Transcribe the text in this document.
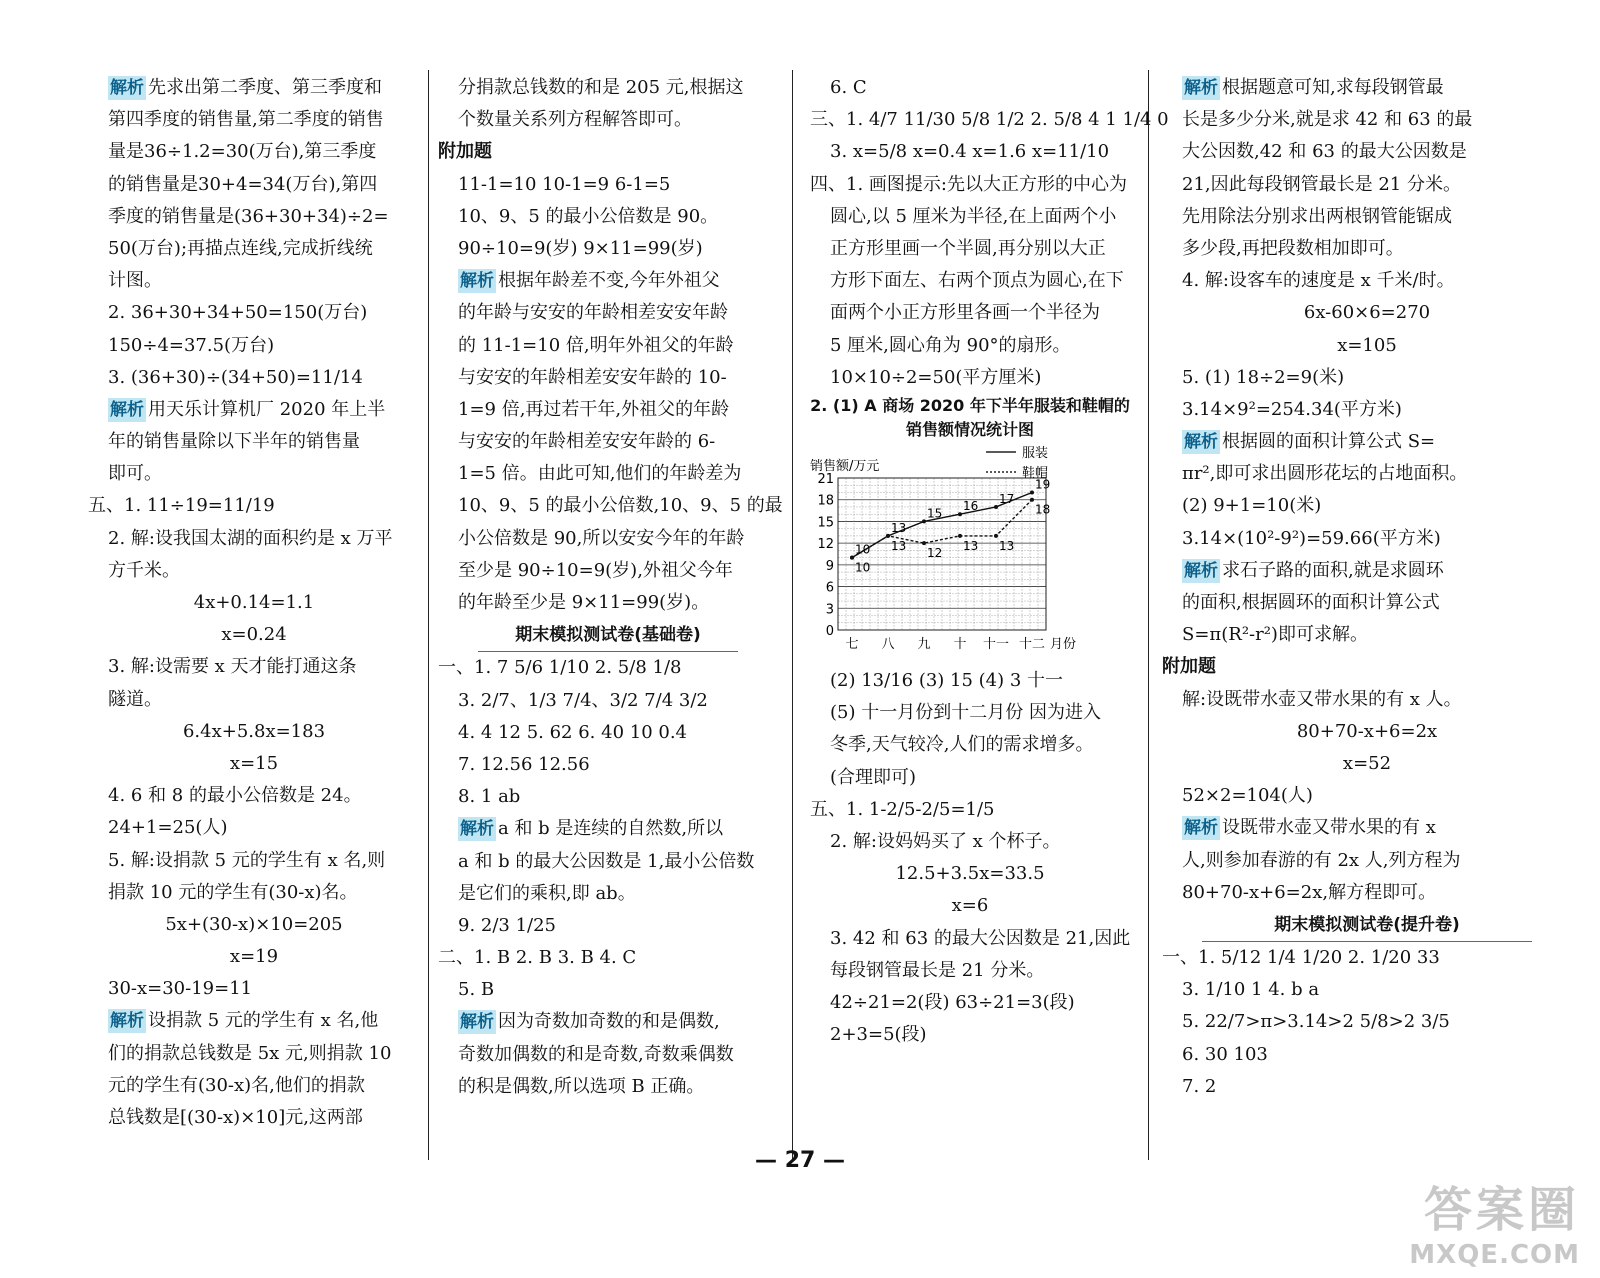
解析 先求出第二季度、第三季度和
第四季度的销售量,第二季度的销售
量是36÷1.2=30(万台),第三季度
的销售量是30+4=34(万台),第四
季度的销售量是(36+30+34)÷2=
50(万台);再描点连线,完成折线统
计图。
2. 36+30+34+50=150(万台)
150÷4=37.5(万台)
3. (36+30)÷(34+50)=11/14
解析 用天乐计算机厂 2020 年上半
年的销售量除以下半年的销售量
即可。
五、1. 11÷19=11/19
2. 解:设我国太湖的面积约是 x 万平
方千米。
4x+0.14=1.1
x=0.24
3. 解:设需要 x 天才能打通这条
隧道。
6.4x+5.8x=183
x=15
4. 6 和 8 的最小公倍数是 24。
24+1=25(人)
5. 解:设捐款 5 元的学生有 x 名,则
捐款 10 元的学生有(30-x)名。
5x+(30-x)×10=205
x=19
30-x=30-19=11
解析 设捐款 5 元的学生有 x 名,他
们的捐款总钱数是 5x 元,则捐款 10
元的学生有(30-x)名,他们的捐款
总钱数是[(30-x)×10]元,这两部
分捐款总钱数的和是 205 元,根据这
个数量关系列方程解答即可。
附加题
11-1=10 10-1=9 6-1=5
10、9、5 的最小公倍数是 90。
90÷10=9(岁) 9×11=99(岁)
解析 根据年龄差不变,今年外祖父
的年龄与安安的年龄相差安安年龄
的 11-1=10 倍,明年外祖父的年龄
与安安的年龄相差安安年龄的 10-
1=9 倍,再过若干年,外祖父的年龄
与安安的年龄相差安安年龄的 6-
1=5 倍。由此可知,他们的年龄差为
10、9、5 的最小公倍数,10、9、5 的最
小公倍数是 90,所以安安今年的年龄
至少是 90÷10=9(岁),外祖父今年
的年龄至少是 9×11=99(岁)。
期末模拟测试卷(基础卷)
一、1. 7 5/6 1/10 2. 5/8 1/8
3. 2/7、1/3 7/4、3/2 7/4 3/2
4. 4 12 5. 62 6. 40 10 0.4
7. 12.56 12.56
8. 1 ab
解析 a 和 b 是连续的自然数,所以
a 和 b 的最大公因数是 1,最小公倍数
是它们的乘积,即 ab。
9. 2/3 1/25
二、1. B 2. B 3. B 4. C
5. B
解析 因为奇数加奇数的和是偶数,
奇数加偶数的和是奇数,奇数乘偶数
的积是偶数,所以选项 B 正确。
6. C
三、1. 4/7 11/30 5/8 1/2 2. 5/8 4 1 1/4 0
3. x=5/8 x=0.4 x=1.6 x=11/10
四、1. 画图提示:先以大正方形的中心为
圆心,以 5 厘米为半径,在上面两个小
正方形里画一个半圆,再分别以大正
方形下面左、右两个顶点为圆心,在下
面两个小正方形里各画一个半径为
5 厘米,圆心角为 90°的扇形。
10×10÷2=50(平方厘米)
2. (1) A 商场 2020 年下半年服装和鞋帽的
销售额情况统计图
0
3
6
9
12
15
18
21
七 八 九 十 十一 十二 月份
销售额/万元
服装
鞋帽
10
13
15
16
17
19
10
13
12
13 13
18
(2) 13/16 (3) 15 (4) 3 十一
(5) 十一月份到十二月份 因为进入
冬季,天气较冷,人们的需求增多。
(合理即可)
五、1. 1-2/5-2/5=1/5
2. 解:设妈妈买了 x 个杯子。
12.5+3.5x=33.5
x=6
3. 42 和 63 的最大公因数是 21,因此
每段钢管最长是 21 分米。
42÷21=2(段) 63÷21=3(段)
2+3=5(段)
解析 根据题意可知,求每段钢管最
长是多少分米,就是求 42 和 63 的最
大公因数,42 和 63 的最大公因数是
21,因此每段钢管最长是 21 分米。
先用除法分别求出两根钢管能锯成
多少段,再把段数相加即可。
4. 解:设客车的速度是 x 千米/时。
6x-60×6=270
x=105
5. (1) 18÷2=9(米)
3.14×9²=254.34(平方米)
解析 根据圆的面积计算公式 S=
πr²,即可求出圆形花坛的占地面积。
(2) 9+1=10(米)
3.14×(10²-9²)=59.66(平方米)
解析 求石子路的面积,就是求圆环
的面积,根据圆环的面积计算公式
S=π(R²-r²)即可求解。
附加题
解:设既带水壶又带水果的有 x 人。
80+70-x+6=2x
x=52
52×2=104(人)
解析 设既带水壶又带水果的有 x
人,则参加春游的有 2x 人,列方程为
80+70-x+6=2x,解方程即可。
期末模拟测试卷(提升卷)
一、1. 5/12 1/4 1/20 2. 1/20 33
3. 1/10 1 4. b a
5. 22/7>π>3.14>2 5/8>2 3/5
6. 30 103
7. 2
— 27 —
答案圈
MXQE.COM
